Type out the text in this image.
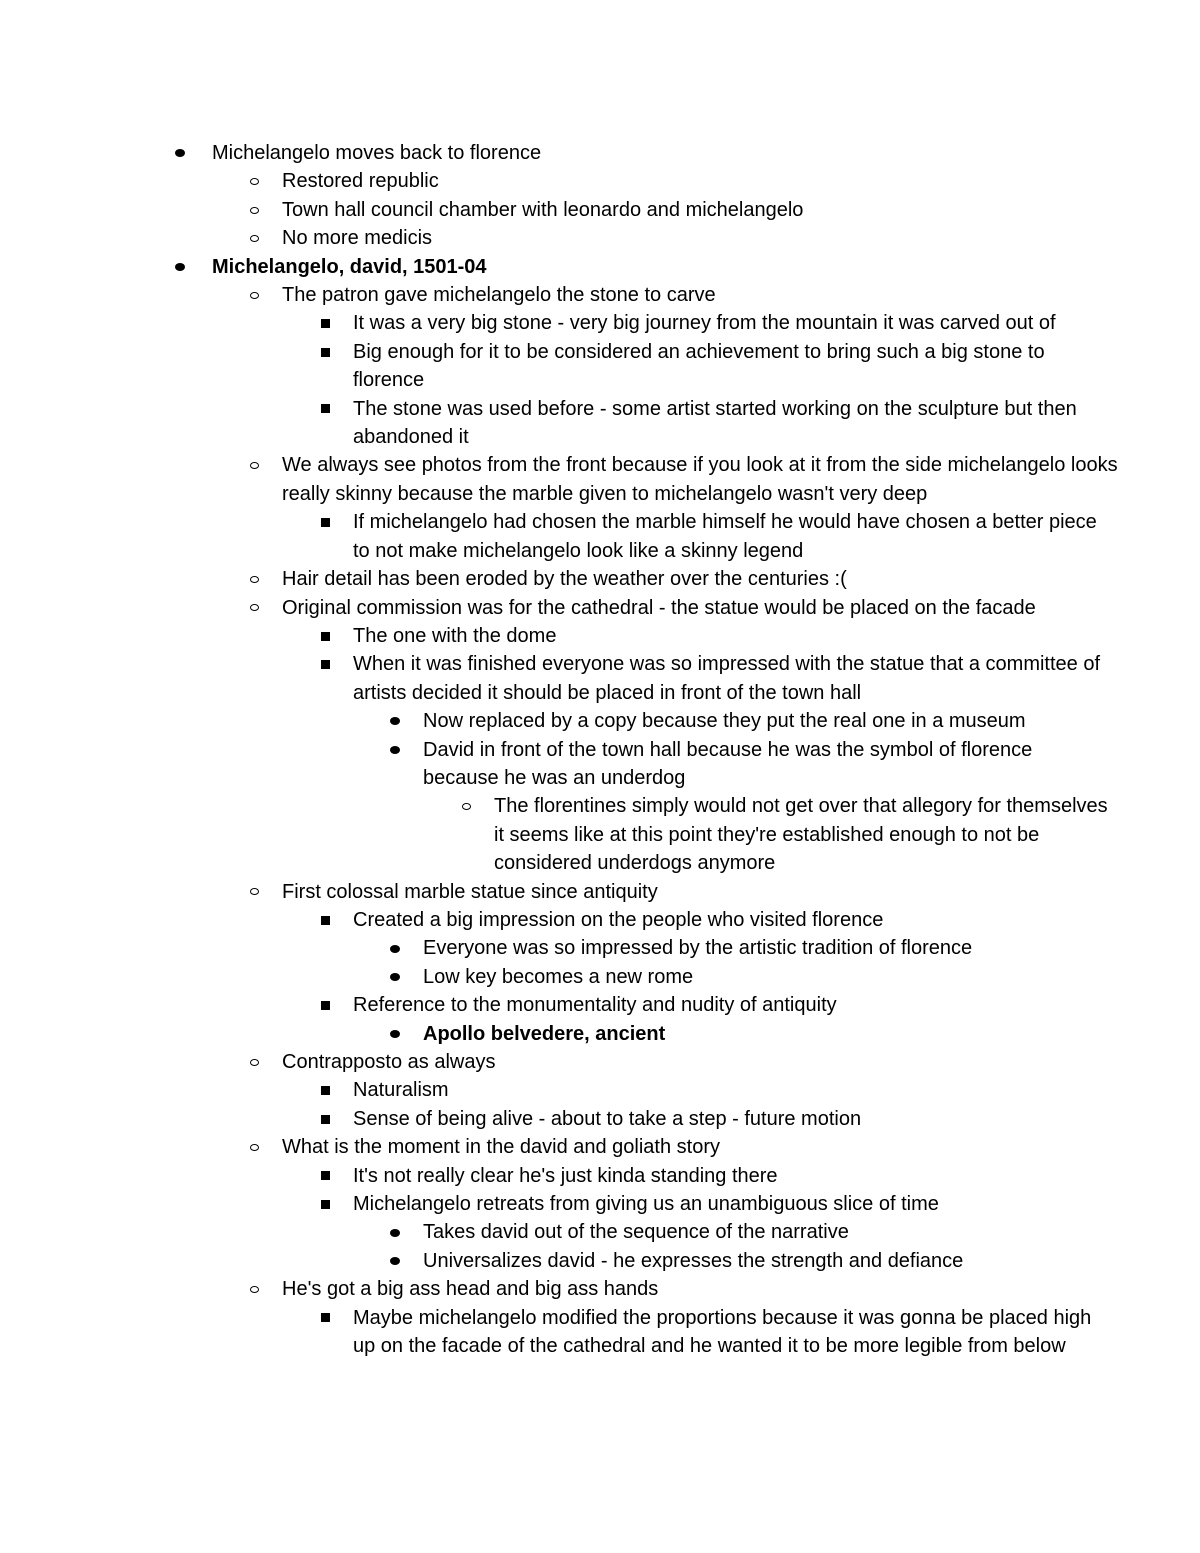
Michelangelo moves back to florence
Restored republic
Town hall council chamber with leonardo and michelangelo
No more medicis
Michelangelo, david, 1501-04
The patron gave michelangelo the stone to carve
It was a very big stone - very big journey from the mountain it was carved out of
Big enough for it to be considered an achievement to bring such a big stone to florence
The stone was used before - some artist started working on the sculpture but then abandoned it
We always see photos from the front because if you look at it from the side michelangelo looks really skinny because the marble given to michelangelo wasn't very deep
If michelangelo had chosen the marble himself he would have chosen a better piece to not make michelangelo look like a skinny legend
Hair detail has been eroded by the weather over the centuries :(
Original commission was for the cathedral - the statue would be placed on the facade
The one with the dome
When it was finished everyone was so impressed with the statue that a committee of artists decided it should be placed in front of the town hall
Now replaced by a copy because they put the real one in a museum
David in front of the town hall because he was the symbol of florence because he was an underdog
The florentines simply would not get over that allegory for themselves it seems like at this point they're established enough to not be considered underdogs anymore
First colossal marble statue since antiquity
Created a big impression on the people who visited florence
Everyone was so impressed by the artistic tradition of florence
Low key becomes a new rome
Reference to the monumentality and nudity of antiquity
Apollo belvedere, ancient
Contrapposto as always
Naturalism
Sense of being alive - about to take a step - future motion
What is the moment in the david and goliath story
It's not really clear he's just kinda standing there
Michelangelo retreats from giving us an unambiguous slice of time
Takes david out of the sequence of the narrative
Universalizes david - he expresses the strength and defiance
He's got a big ass head and big ass hands
Maybe michelangelo modified the proportions because it was gonna be placed high up on the facade of the cathedral and he wanted it to be more legible from below
